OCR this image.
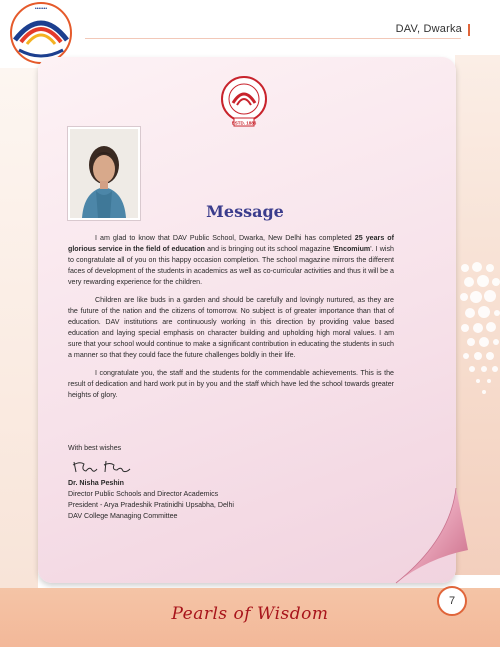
•••••••
DAV, Dwarka
ESTD. 1886
Message

I am glad to know that DAV Public School, Dwarka, New Delhi has completed 25 years of glorious service in the field of education and is bringing out its school magazine 'Encomium'. I wish to congratulate all of you on this happy occasion completion. The school magazine mirrors the different faces of development of the students in academics as well as co-curricular activities and thus it will be a very rewarding experience for the children.

Children are like buds in a garden and should be carefully and lovingly nurtured, as they are the future of the nation and the citizens of tomorrow. No subject is of greater importance than that of education. DAV institutions are continuously working in this direction by providing value based education and laying special emphasis on character building and upholding high moral values. I am sure that your school would continue to make a significant contribution in educating the students in such a manner so that they could face the future challenges boldly in their life.

I congratulate you, the staff and the students for the commendable achievements. This is the result of dedication and hard work put in by you and the staff which have led the school towards greater heights of glory.

With best wishes
Dr. Nisha Peshin
Director Public Schools and Director Academics
President - Arya Pradeshik Pratinidhi Upsabha, Delhi
DAV College Managing Committee
Pearls of Wisdom
7
